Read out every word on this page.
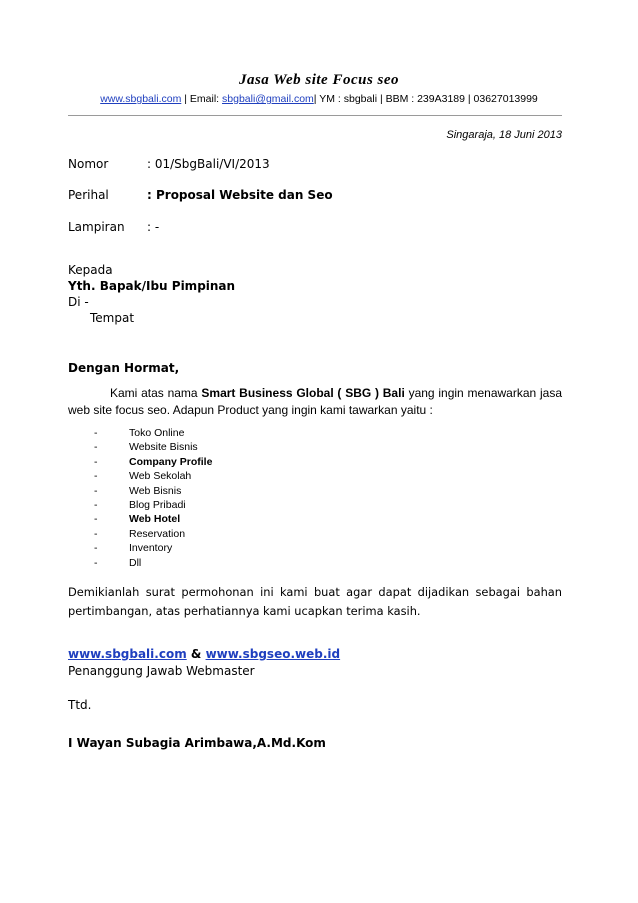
Jasa Web site Focus seo
www.sbgbali.com | Email: sbgbali@gmail.com| YM : sbgbali | BBM : 239A3189 | 03627013999
Singaraja, 18 Juni 2013
Nomor	: 01/SbgBali/VI/2013
Perihal	: Proposal Website dan Seo
Lampiran : -
Kepada
Yth. Bapak/Ibu Pimpinan
Di -
Tempat
Dengan Hormat,
Kami atas nama Smart Business Global ( SBG ) Bali yang ingin menawarkan jasa web site focus seo. Adapun Product yang ingin kami tawarkan yaitu :
-	Toko Online
-	Website Bisnis
-	Company Profile
-	Web Sekolah
-	Web Bisnis
-	Blog Pribadi
-	Web Hotel
-	Reservation
-	Inventory
-	Dll
Demikianlah surat permohonan ini kami buat agar dapat dijadikan sebagai bahan pertimbangan, atas perhatiannya kami ucapkan terima kasih.
www.sbgbali.com & www.sbgseo.web.id
Penanggung Jawab Webmaster
Ttd.
I Wayan Subagia Arimbawa,A.Md.Kom
